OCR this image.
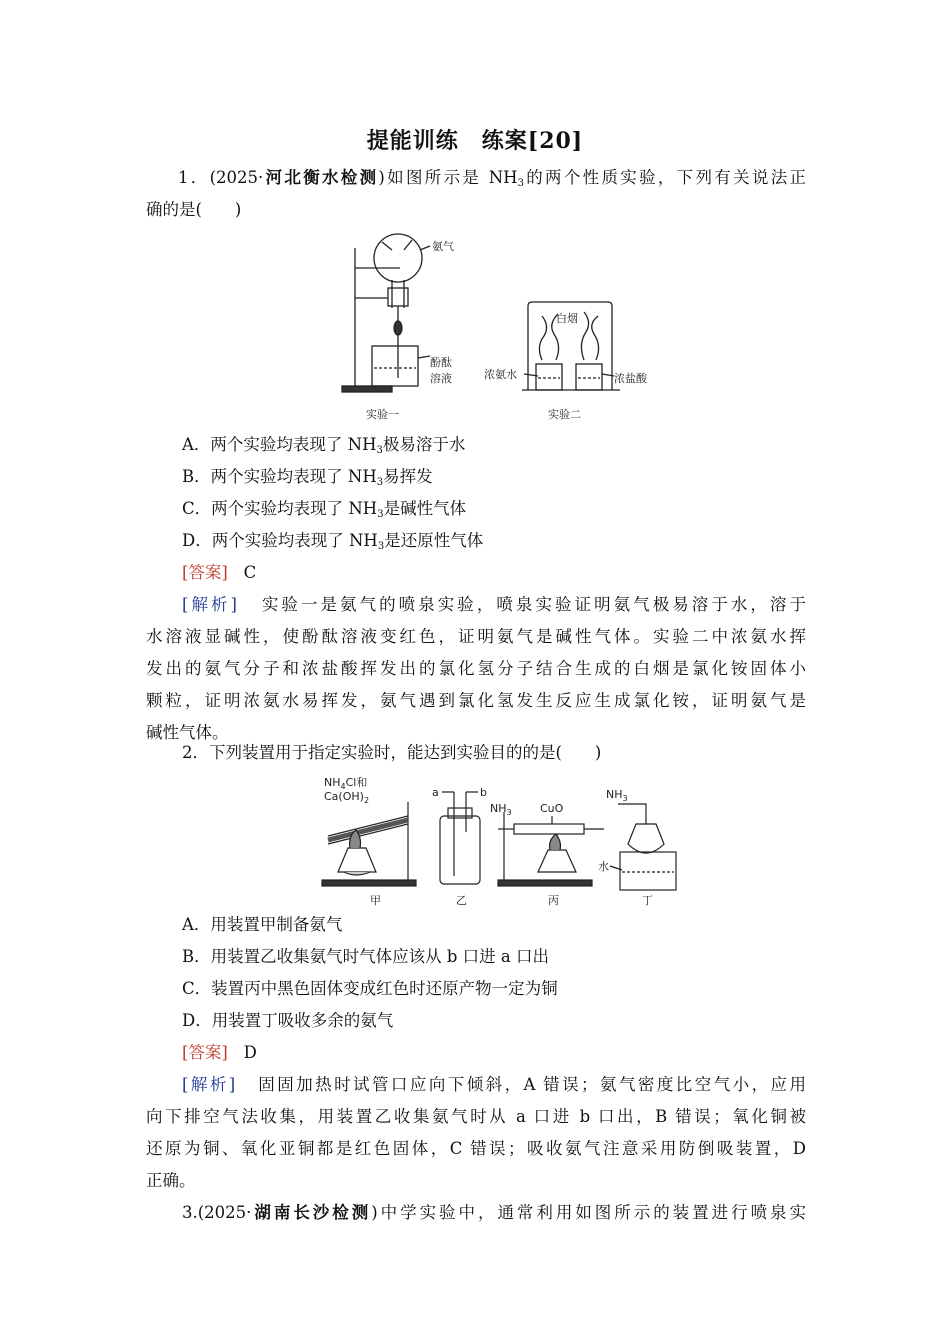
提能训练　练案[20]
1．(2025·河北衡水检测)如图所示是 $NH_3$的两个性质实验，下列有关说法正
确的是(　　)
氨气
酚酞
溶液
实验一
白烟
浓氨水	浓盐酸
实验二
A．两个实验均表现了 $NH_3$极易溶于水
B．两个实验均表现了 $NH_3$易挥发
C．两个实验均表现了 $NH_3$是碱性气体
D．两个实验均表现了 $NH_3$是还原性气体
[答案] C
[解析] 实验一是氨气的喷泉实验，喷泉实验证明氨气极易溶于水，溶于
水溶液显碱性，使酚酞溶液变红色，证明氨气是碱性气体。实验二中浓氨水挥
发出的氨气分子和浓盐酸挥发出的氯化氢分子结合生成的白烟是氯化铵固体小
颗粒，证明浓氨水易挥发，氨气遇到氯化氢发生反应生成氯化铵，证明氨气是
碱性气体。
2．下列装置用于指定实验时，能达到实验目的的是(　　)
$NH_4Cl$和
$Ca(OH)_2$
甲
a	b
乙
$NH_3$	CuO
丙
$NH_3$
水
丁
A．用装置甲制备氨气
B．用装置乙收集氨气时气体应该从 b 口进 a 口出
C．装置丙中黑色固体变成红色时还原产物一定为铜
D．用装置丁吸收多余的氨气
[答案] D
[解析] 固固加热时试管口应向下倾斜，A 错误；氨气密度比空气小，应用
向下排空气法收集，用装置乙收集氨气时从 a 口进 b 口出，B 错误；氧化铜被
还原为铜、氧化亚铜都是红色固体，C 错误；吸收氨气注意采用防倒吸装置，D
正确。
3.(2025·湖南长沙检测)中学实验中，通常利用如图所示的装置进行喷泉实
